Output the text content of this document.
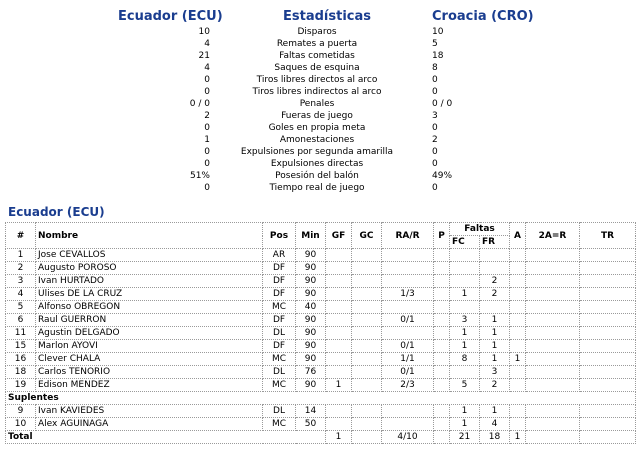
Ecuador (ECU)	Estadísticas	Croacia (CRO)
10	Disparos	10
4	Remates a puerta	5
21	Faltas cometidas	18
4	Saques de esquina	8
0	Tiros libres directos al arco	0
0	Tiros libres indirectos al arco	0
0 / 0	Penales	0 / 0
2	Fueras de juego	3
0	Goles en propia meta	0
1	Amonestaciones	2
0	Expulsiones por segunda amarilla	0
0	Expulsiones directas	0
51%	Posesión del balón	49%
0	Tiempo real de juego	0
Ecuador (ECU)
#	Nombre	Pos	Min	GF	GC	RA/R	P	Faltas		A	2A=R	TR
								FC	FR			
1	Jose CEVALLOS	AR	90									
2	Augusto POROSO	DF	90									
3	Ivan HURTADO	DF	90						2			
4	Ulises DE LA CRUZ	DF	90			1/3		1	2			
5	Alfonso OBREGON	MC	40									
6	Raul GUERRON	DF	90			0/1		3	1			
11	Agustin DELGADO	DL	90					1	1			
15	Marlon AYOVI	DF	90			0/1		1	1			
16	Clever CHALA	MC	90			1/1		8	1	1		
18	Carlos TENORIO	DL	76			0/1			3			
19	Edison MENDEZ	MC	90	1		2/3		5	2			
Suplentes												
9	Ivan KAVIEDES	DL	14					1	1			
10	Alex AGUINAGA	MC	50					1	4			
Total				1		4/10		21	18	1		
